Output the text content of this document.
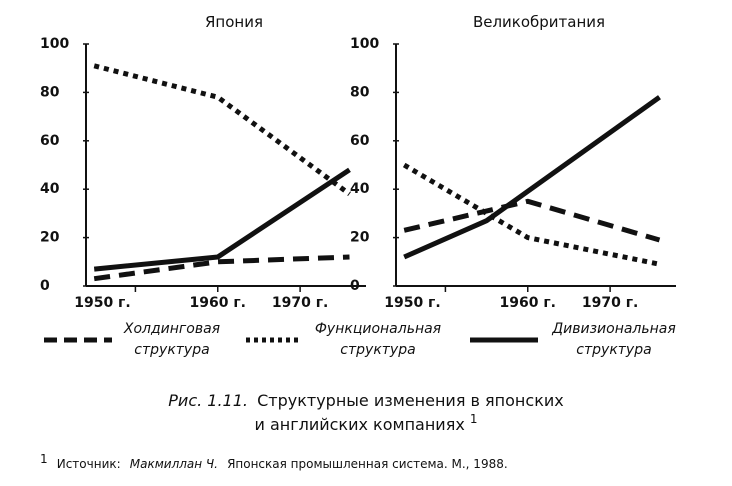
Япония
0
20
40
60
80
100
1950 г.	1960 г. 1970 г.
Великобритания
0
20
40
60
80
100
1950 г.	1960 г. 1970 г.
Холдинговая
структура
Функциональная
структура
Дивизиональная
структура
Рис. 1.11. Структурные изменения в японских
и английских компаниях $^1$
$^1$ $_{Источник:}$ Макмиллан Ч. Японская промышленная система. М., 1988.
